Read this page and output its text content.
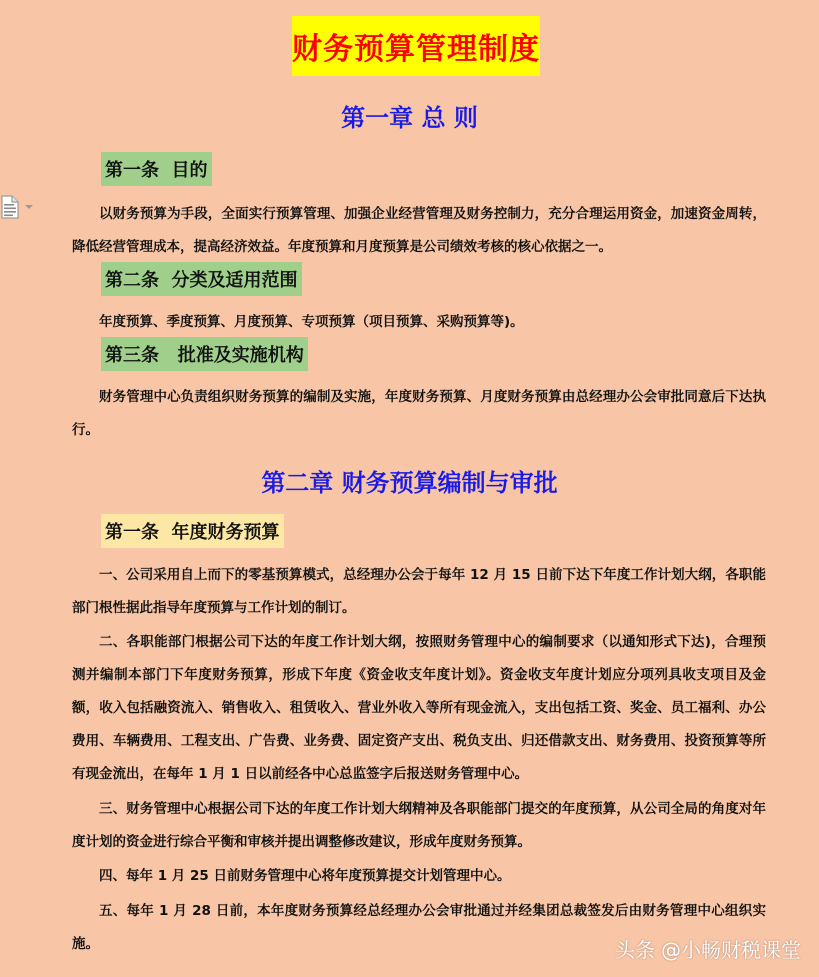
财务预算管理制度
第一章 总 则
第一条  目的
以财务预算为手段，全面实行预算管理、加强企业经营管理及财务控制力，充分合理运用资金，加速资金周转，降低经营管理成本，提高经济效益。年度预算和月度预算是公司绩效考核的核心依据之一。
第二条  分类及适用范围
年度预算、季度预算、月度预算、专项预算（项目预算、采购预算等)。
第三条   批准及实施机构
财务管理中心负责组织财务预算的编制及实施，年度财务预算、月度财务预算由总经理办公会审批同意后下达执行。
第二章 财务预算编制与审批
第一条  年度财务预算
一、公司采用自上而下的零基预算模式，总经理办公会于每年 12 月 15 日前下达下年度工作计划大纲，各职能部门根性据此指导年度预算与工作计划的制订。
二、各职能部门根据公司下达的年度工作计划大纲，按照财务管理中心的编制要求（以通知形式下达)，合理预测并编制本部门下年度财务预算，形成下年度《资金收支年度计划》。资金收支年度计划应分项列具收支项目及金额，收入包括融资流入、销售收入、租赁收入、营业外收入等所有现金流入，支出包括工资、奖金、员工福利、办公费用、车辆费用、工程支出、广告费、业务费、固定资产支出、税负支出、归还借款支出、财务费用、投资预算等所有现金流出，在每年 1 月 1 日以前经各中心总监签字后报送财务管理中心。
三、财务管理中心根据公司下达的年度工作计划大纲精神及各职能部门提交的年度预算，从公司全局的角度对年度计划的资金进行综合平衡和审核并提出调整修改建议，形成年度财务预算。
四、每年 1 月 25 日前财务管理中心将年度预算提交计划管理中心。
五、每年 1 月 28 日前，本年度财务预算经总经理办公会审批通过并经集团总裁签发后由财务管理中心组织实施。	头条 @小畅财税课堂
